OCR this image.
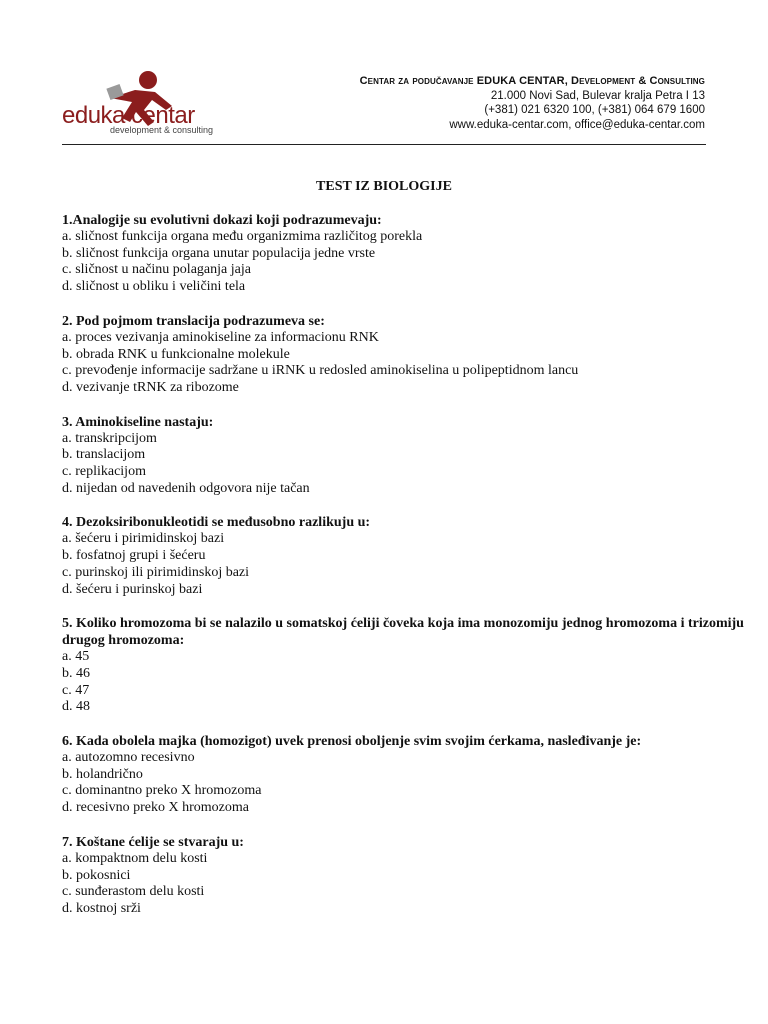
eduka centar
development & consulting
Centar za podučavanje EDUKA CENTAR, Development & Consulting
21.000 Novi Sad, Bulevar kralja Petra I 13
(+381) 021 6320 100, (+381) 064 679 1600
www.eduka-centar.com, office@eduka-centar.com
TEST IZ BIOLOGIJE
1.Analogije su evolutivni dokazi koji podrazumevaju:
a. sličnost funkcija organa među organizmima različitog porekla
b. sličnost funkcija organa unutar populacija jedne vrste
c. sličnost u načinu polaganja jaja
d. sličnost u obliku i veličini tela
2. Pod pojmom translacija podrazumeva se:
a. proces vezivanja aminokiseline za informacionu RNK
b. obrada RNK u funkcionalne molekule
c. prevođenje informacije sadržane u iRNK u redosled aminokiselina u polipeptidnom lancu
d. vezivanje tRNK za ribozome
3. Aminokiseline nastaju:
a. transkripcijom
b. translacijom
c. replikacijom
d. nijedan od navedenih odgovora nije tačan
4. Dezoksiribonukleotidi se međusobno razlikuju u:
a. šećeru i pirimidinskoj bazi
b. fosfatnoj grupi i šećeru
c. purinskoj ili pirimidinskoj bazi
d. šećeru i purinskoj bazi
5. Koliko hromozoma bi se nalazilo u somatskoj ćeliji čoveka koja ima monozomiju jednog hromozoma i trizomiju drugog hromozoma:
a. 45
b. 46
c. 47
d. 48
6. Kada obolela majka (homozigot) uvek prenosi oboljenje svim svojim ćerkama, nasleđivanje je:
a. autozomno recesivno
b. holandrično
c. dominantno preko X hromozoma
d. recesivno preko X hromozoma
7. Koštane ćelije se stvaraju u:
a. kompaktnom delu kosti
b. pokosnici
c. sunđerastom delu kosti
d. kostnoj srži
